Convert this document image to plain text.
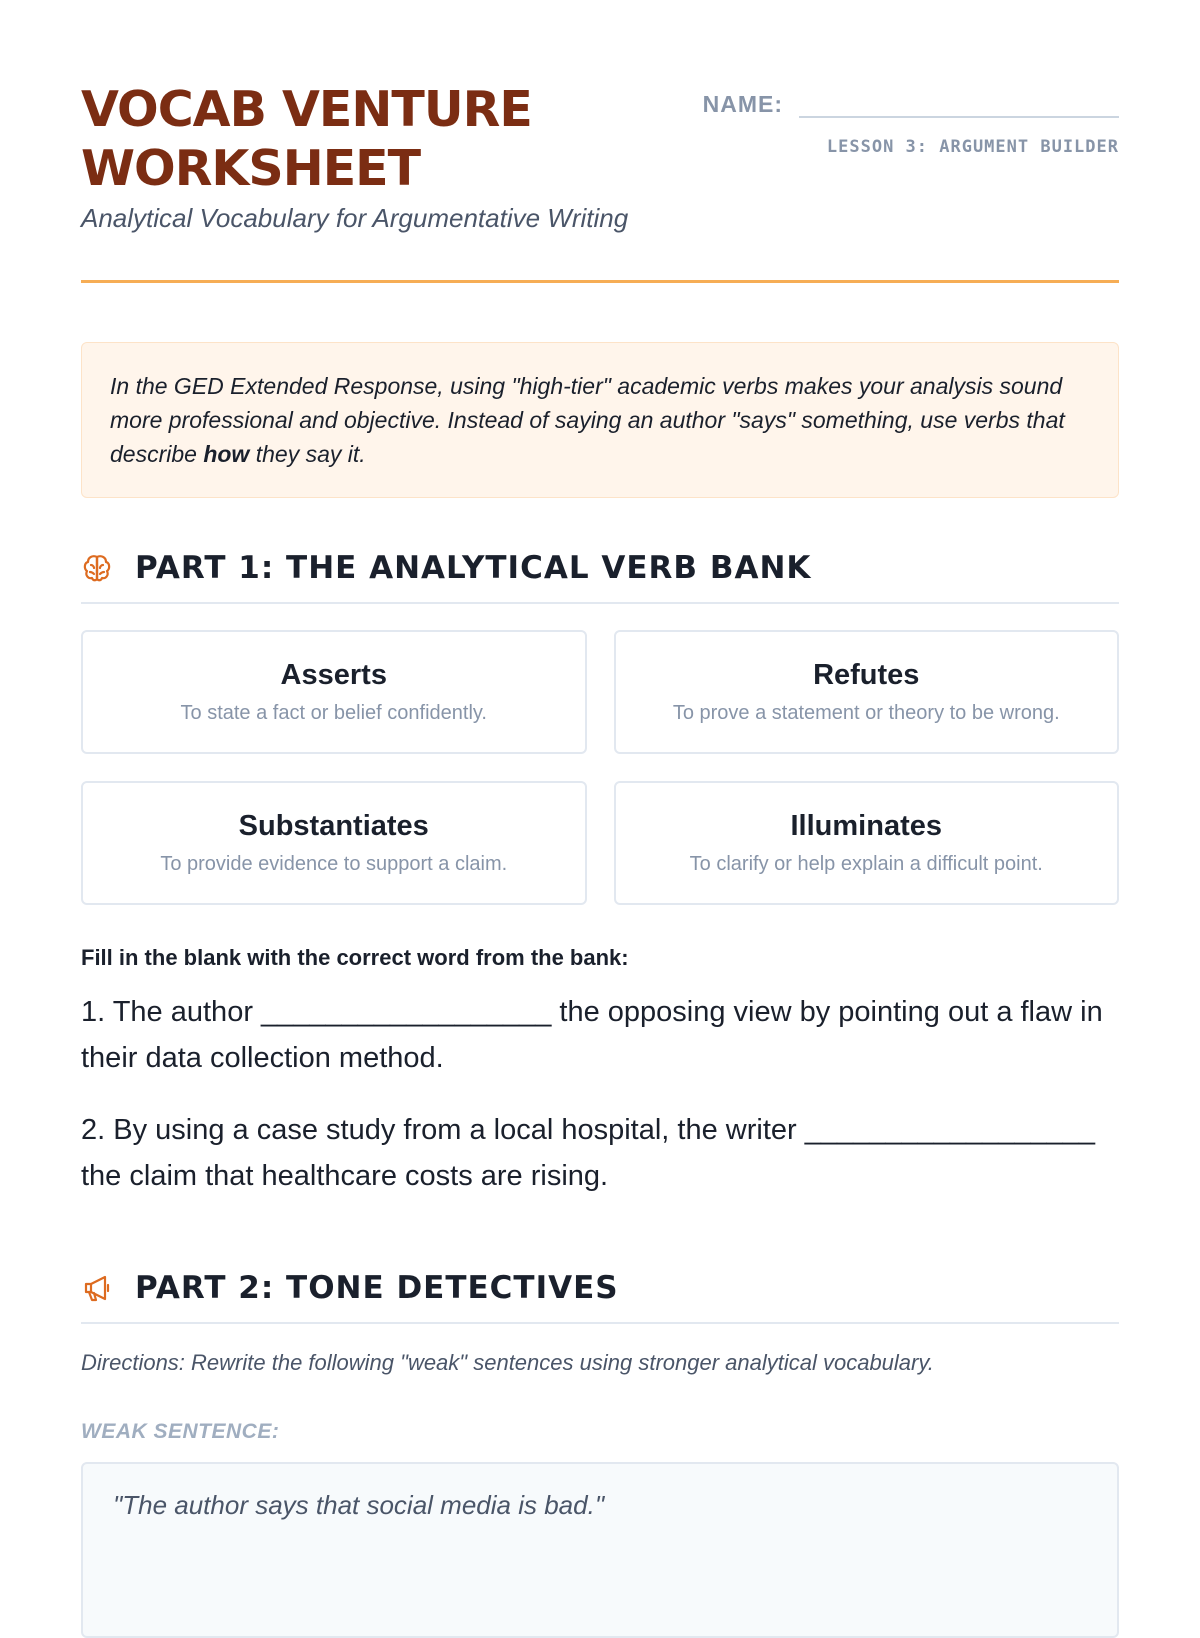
VOCAB VENTURE WORKSHEET
Analytical Vocabulary for Argumentative Writing
NAME:
LESSON 3: ARGUMENT BUILDER
In the GED Extended Response, using "high-tier" academic verbs makes your analysis sound more professional and objective. Instead of saying an author "says" something, use verbs that describe how they say it.
PART 1: THE ANALYTICAL VERB BANK
Asserts
To state a fact or belief confidently.
Refutes
To prove a statement or theory to be wrong.
Substantiates
To provide evidence to support a claim.
Illuminates
To clarify or help explain a difficult point.
Fill in the blank with the correct word from the bank:
1. The author __________________ the opposing view by pointing out a flaw in their data collection method.
2. By using a case study from a local hospital, the writer __________________ the claim that healthcare costs are rising.
PART 2: TONE DETECTIVES
Directions: Rewrite the following "weak" sentences using stronger analytical vocabulary.
WEAK SENTENCE:
"The author says that social media is bad."
